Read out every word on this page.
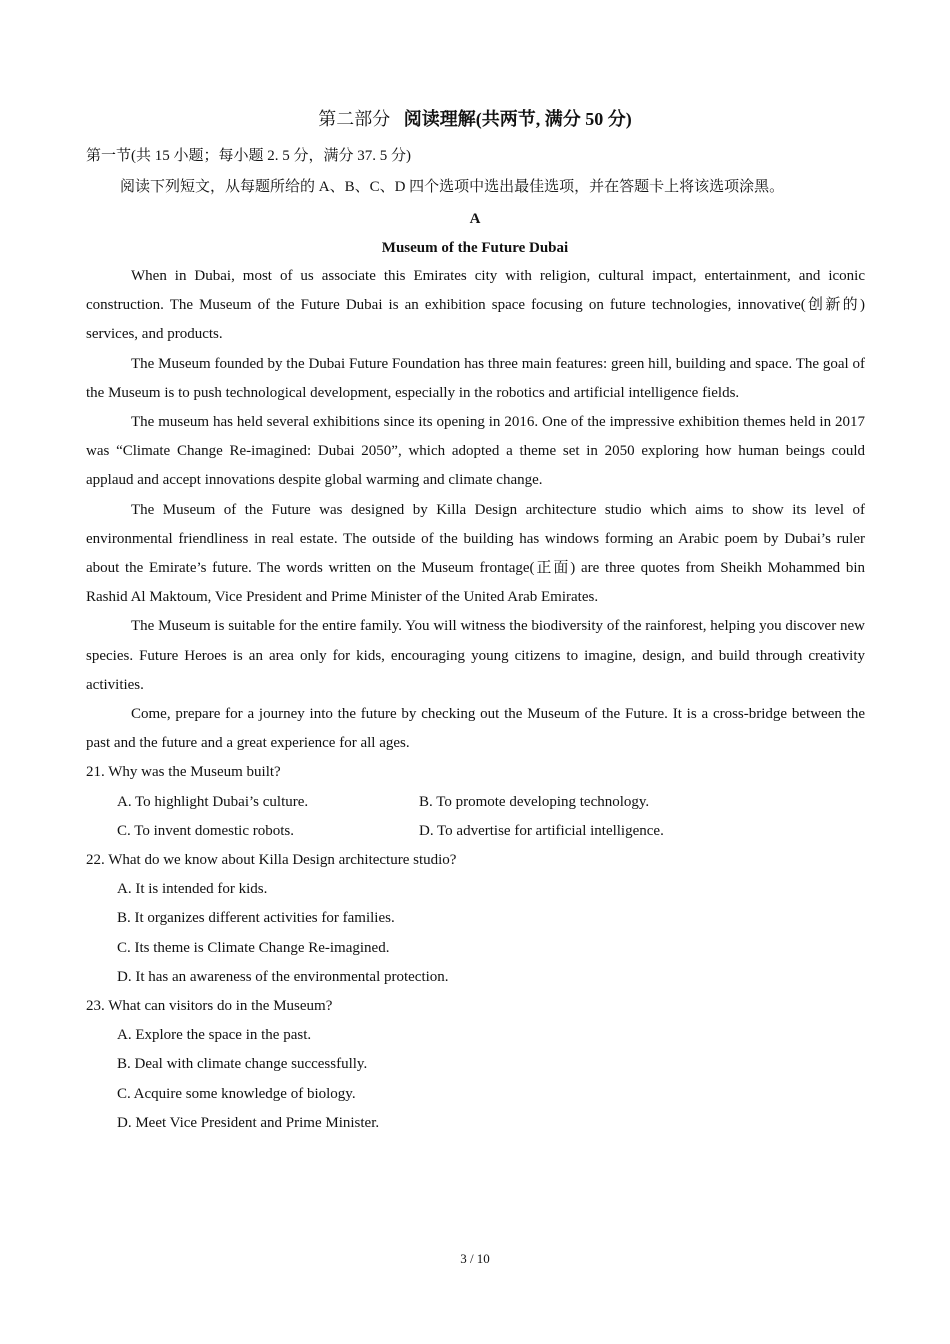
第二部分 阅读理解(共两节, 满分 50 分)
第一节(共 15 小题；每小题 2. 5 分，满分 37. 5 分)
阅读下列短文，从每题所给的 A、B、C、D 四个选项中选出最佳选项，并在答题卡上将该选项涂黑。
A
Museum of the Future Dubai

When in Dubai, most of us associate this Emirates city with religion, cultural impact, entertainment, and iconic construction. The Museum of the Future Dubai is an exhibition space focusing on future technologies, innovative(创新的) services, and products.

The Museum founded by the Dubai Future Foundation has three main features: green hill, building and space. The goal of the Museum is to push technological development, especially in the robotics and artificial intelligence fields.

The museum has held several exhibitions since its opening in 2016. One of the impressive exhibition themes held in 2017 was “Climate Change Re-imagined: Dubai 2050”, which adopted a theme set in 2050 exploring how human beings could applaud and accept innovations despite global warming and climate change.

The Museum of the Future was designed by Killa Design architecture studio which aims to show its level of environmental friendliness in real estate. The outside of the building has windows forming an Arabic poem by Dubai’s ruler about the Emirate’s future. The words written on the Museum frontage(正面) are three quotes from Sheikh Mohammed bin Rashid Al Maktoum, Vice President and Prime Minister of the United Arab Emirates.

The Museum is suitable for the entire family. You will witness the biodiversity of the rainforest, helping you discover new species. Future Heroes is an area only for kids, encouraging young citizens to imagine, design, and build through creativity activities.

Come, prepare for a journey into the future by checking out the Museum of the Future. It is a cross-bridge between the past and the future and a great experience for all ages.

21. Why was the Museum built?
A. To highlight Dubai’s culture.	B. To promote developing technology.
C. To invent domestic robots.	D. To advertise for artificial intelligence.
22. What do we know about Killa Design architecture studio?
A. It is intended for kids.
B. It organizes different activities for families.
C. Its theme is Climate Change Re-imagined.
D. It has an awareness of the environmental protection.
23. What can visitors do in the Museum?
A. Explore the space in the past.
B. Deal with climate change successfully.
C. Acquire some knowledge of biology.
D. Meet Vice President and Prime Minister.
3 / 10
